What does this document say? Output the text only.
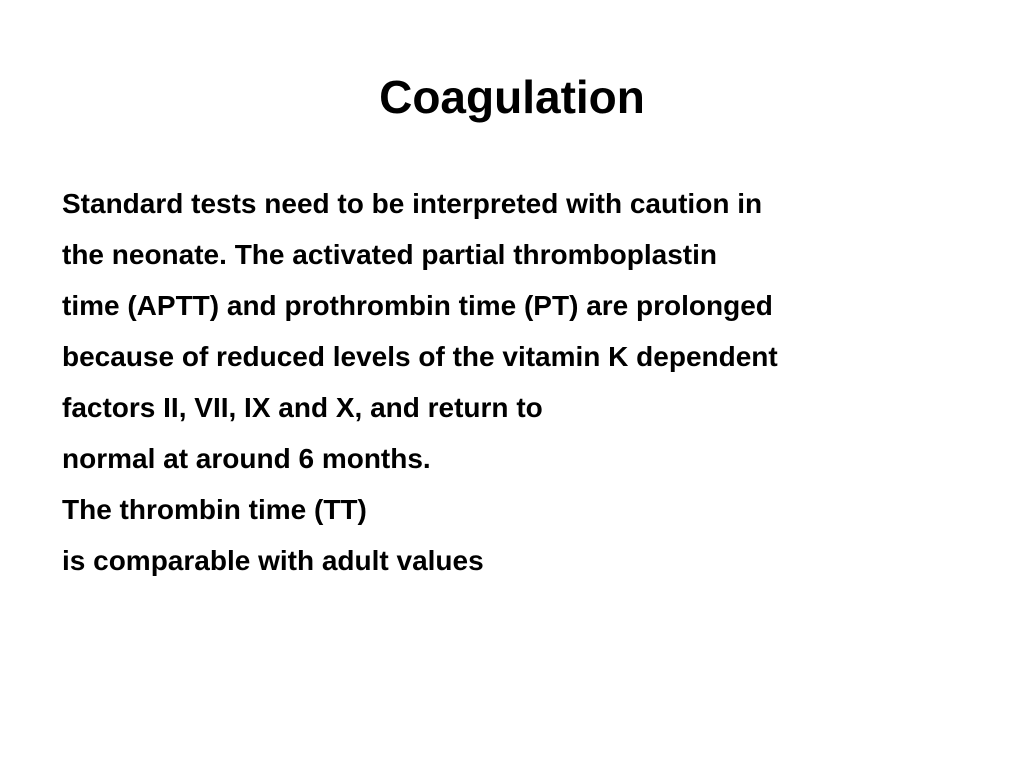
Coagulation
Standard tests need to be interpreted with caution in
the neonate. The activated partial thromboplastin
time (APTT) and prothrombin time (PT) are prolonged
because of reduced levels of the vitamin K dependent
factors II, VII, IX and X, and return to
normal at around 6 months.
The thrombin time (TT)
is comparable with adult values
